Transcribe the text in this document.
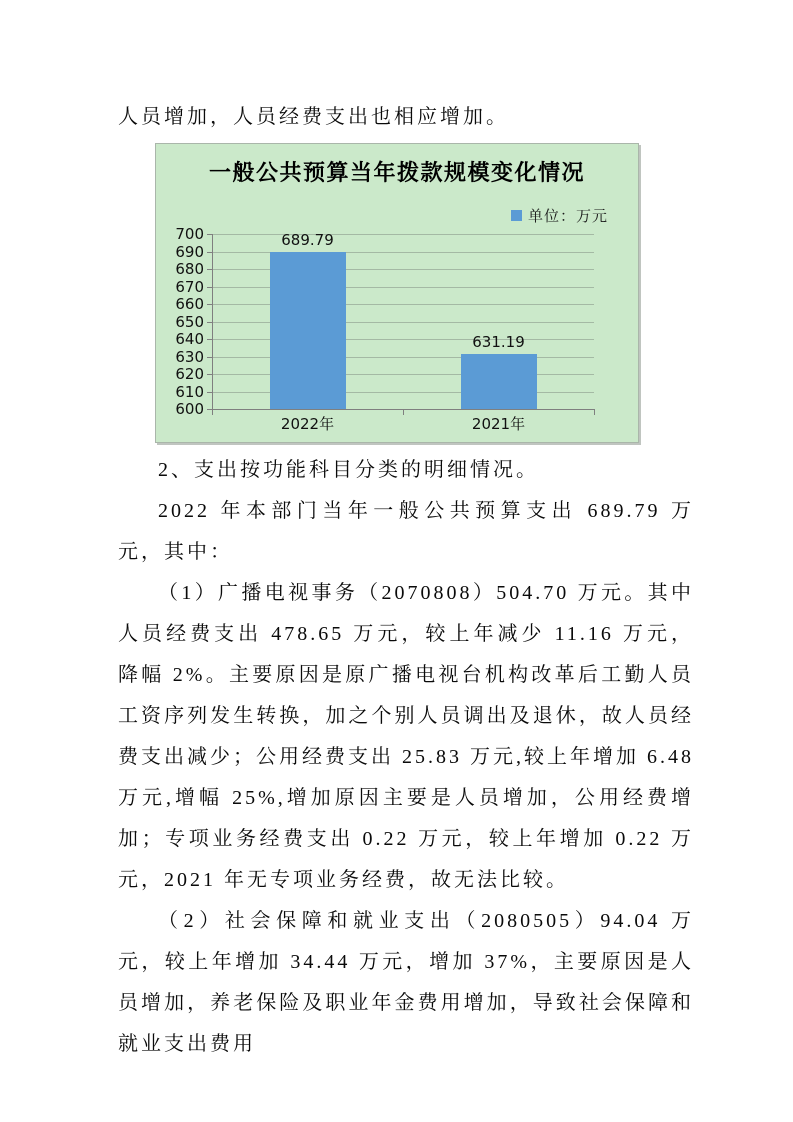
人员增加，人员经费支出也相应增加。

一般公共预算当年拨款规模变化情况
单位：万元
600
610
620
630
640
650
660
670
680
690
700	689.79
2022年
631.19
2021年

2、支出按功能科目分类的明细情况。

2022 年本部门当年一般公共预算支出 689.79 万元，其中：

（1）广播电视事务（2070808）504.70 万元。其中人员经费支出 478.65 万元，较上年减少 11.16 万元，降幅 2%。主要原因是原广播电视台机构改革后工勤人员工资序列发生转换，加之个别人员调出及退休，故人员经费支出减少；公用经费支出 25.83 万元,较上年增加 6.48 万元,增幅 25%,增加原因主要是人员增加，公用经费增加；专项业务经费支出 0.22 万元，较上年增加 0.22 万元，2021 年无专项业务经费，故无法比较。

（2）社会保障和就业支出（2080505）94.04 万元，较上年增加 34.44 万元，增加 37%，主要原因是人员增加，养老保险及职业年金费用增加，导致社会保障和就业支出费用
